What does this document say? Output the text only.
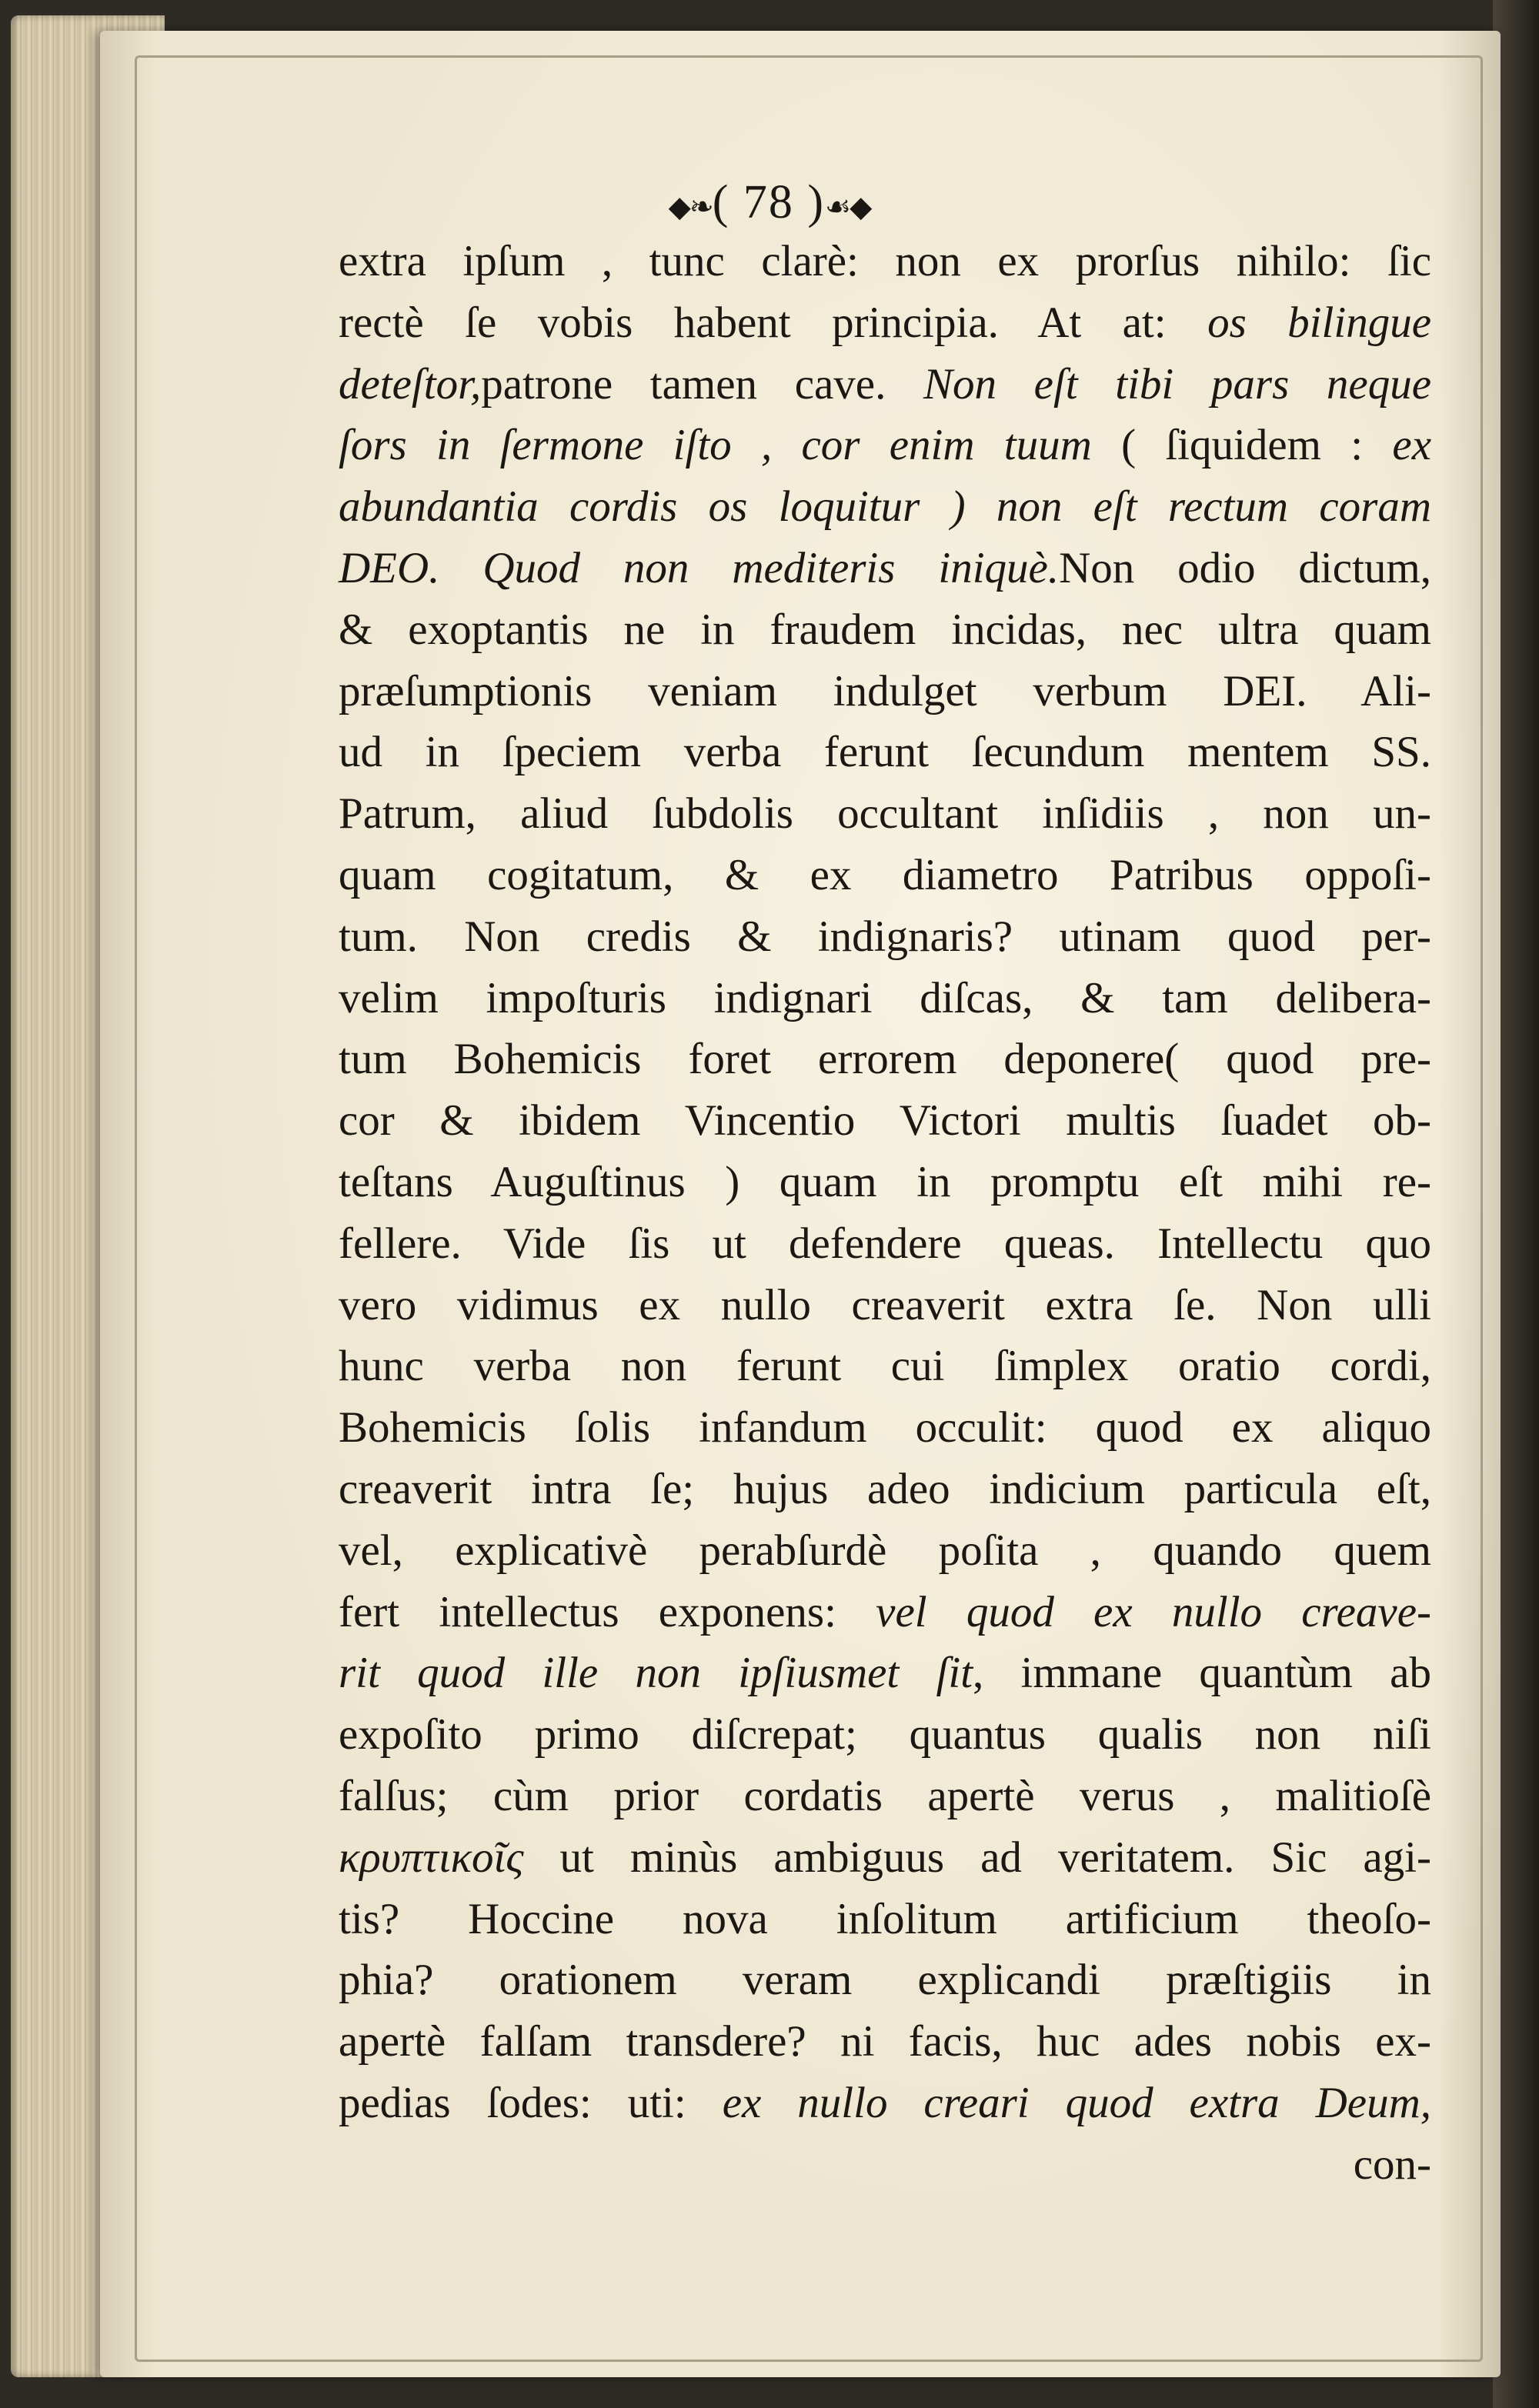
◆❧( 78 )☙◆
extra ipſum , tunc clarè: non ex prorſus nihilo: ſic
rectè ſe vobis habent principia. At at: os bilingue
deteſtor,patrone tamen cave. Non eſt tibi pars neque
ſors in ſermone iſto , cor enim tuum ( ſiquidem : ex
abundantia cordis os loquitur ) non eſt rectum coram
DEO. Quod non mediteris iniquè.Non odio dictum,
& exoptantis ne in fraudem incidas, nec ultra quam
præſumptionis veniam indulget verbum DEI. Ali-
ud in ſpeciem verba ferunt ſecundum mentem SS.
Patrum, aliud ſubdolis occultant inſidiis , non un-
quam cogitatum, & ex diametro Patribus oppoſi-
tum. Non credis & indignaris? utinam quod per-
velim impoſturis indignari diſcas, & tam delibera-
tum Bohemicis foret errorem deponere( quod pre-
cor & ibidem Vincentio Victori multis ſuadet ob-
teſtans Auguſtinus ) quam in promptu eſt mihi re-
fellere. Vide ſis ut defendere queas. Intellectu quo
vero vidimus ex nullo creaverit extra ſe. Non ulli
hunc verba non ferunt cui ſimplex oratio cordi,
Bohemicis ſolis infandum occulit: quod ex aliquo
creaverit intra ſe; hujus adeo indicium particula eſt,
vel, explicativè perabſurdè poſita , quando quem
fert intellectus exponens: vel quod ex nullo creave-
rit quod ille non ipſiusmet ſit, immane quantùm ab
expoſito primo diſcrepat; quantus qualis non niſi
falſus; cùm prior cordatis apertè verus , malitioſè
κρυπτικοῖς ut minùs ambiguus ad veritatem. Sic agi-
tis? Hoccine nova inſolitum artificium theoſo-
phia? orationem veram explicandi præſtigiis in
apertè falſam transdere? ni facis, huc ades nobis ex-
pedias ſodes: uti: ex nullo creari quod extra Deum,
con-
